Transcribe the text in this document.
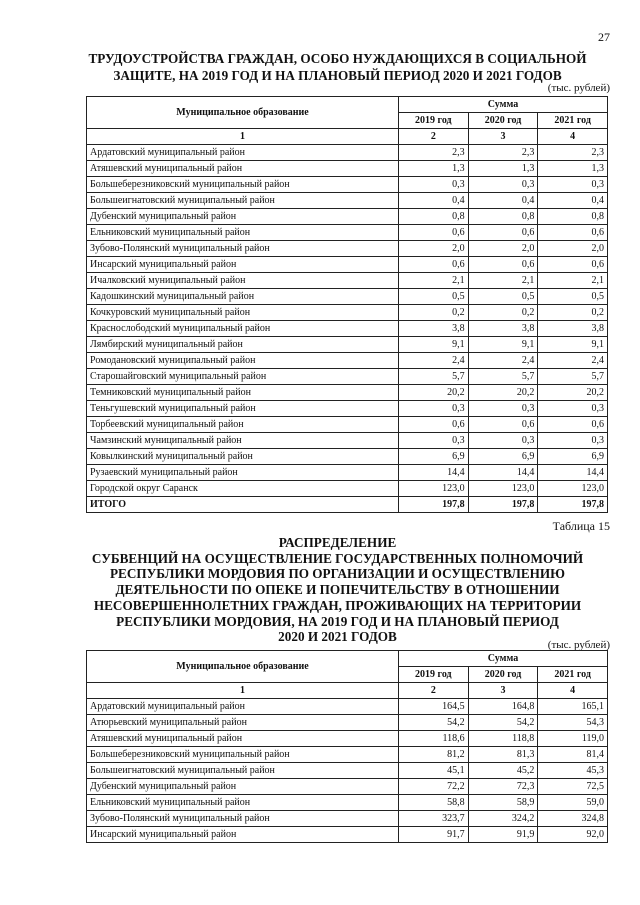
27
ТРУДОУСТРОЙСТВА ГРАЖДАН, ОСОБО НУЖДАЮЩИХСЯ В СОЦИАЛЬНОЙ
ЗАЩИТЕ, НА 2019 ГОД И НА ПЛАНОВЫЙ ПЕРИОД 2020 И 2021 ГОДОВ
(тыс. рублей)
Муниципальное образование	Сумма		
	2019 год	2020 год	2021 год
1	2	3	4
Ардатовский муниципальный район	2,3	2,3	2,3
Атяшевский муниципальный район	1,3	1,3	1,3
Большеберезниковский муниципальный район	0,3	0,3	0,3
Большеигнатовский муниципальный район	0,4	0,4	0,4
Дубенский муниципальный район	0,8	0,8	0,8
Ельниковский муниципальный район	0,6	0,6	0,6
Зубово-Полянский муниципальный район	2,0	2,0	2,0
Инсарский муниципальный район	0,6	0,6	0,6
Ичалковский муниципальный район	2,1	2,1	2,1
Кадошкинский муниципальный район	0,5	0,5	0,5
Кочкуровский муниципальный район	0,2	0,2	0,2
Краснослободский муниципальный район	3,8	3,8	3,8
Лямбирский муниципальный район	9,1	9,1	9,1
Ромодановский муниципальный район	2,4	2,4	2,4
Старошайговский муниципальный район	5,7	5,7	5,7
Темниковский муниципальный район	20,2	20,2	20,2
Теньгушевский муниципальный район	0,3	0,3	0,3
Торбеевский муниципальный район	0,6	0,6	0,6
Чамзинский муниципальный район	0,3	0,3	0,3
Ковылкинский муниципальный район	6,9	6,9	6,9
Рузаевский муниципальный район	14,4	14,4	14,4
Городской округ Саранск	123,0	123,0	123,0
ИТОГО	197,8	197,8	197,8
Таблица 15
РАСПРЕДЕЛЕНИЕ
СУБВЕНЦИЙ НА ОСУЩЕСТВЛЕНИЕ ГОСУДАРСТВЕННЫХ ПОЛНОМОЧИЙ
РЕСПУБЛИКИ МОРДОВИЯ ПО ОРГАНИЗАЦИИ И ОСУЩЕСТВЛЕНИЮ
ДЕЯТЕЛЬНОСТИ ПО ОПЕКЕ И ПОПЕЧИТЕЛЬСТВУ В ОТНОШЕНИИ
НЕСОВЕРШЕННОЛЕТНИХ ГРАЖДАН, ПРОЖИВАЮЩИХ НА ТЕРРИТОРИИ
РЕСПУБЛИКИ МОРДОВИЯ, НА 2019 ГОД И НА ПЛАНОВЫЙ ПЕРИОД
2020 И 2021 ГОДОВ
(тыс. рублей)
Муниципальное образование	Сумма		
	2019 год	2020 год	2021 год
1	2	3	4
Ардатовский муниципальный район	164,5	164,8	165,1
Атюрьевский муниципальный район	54,2	54,2	54,3
Атяшевский муниципальный район	118,6	118,8	119,0
Большеберезниковский муниципальный район	81,2	81,3	81,4
Большеигнатовский муниципальный район	45,1	45,2	45,3
Дубенский муниципальный район	72,2	72,3	72,5
Ельниковский муниципальный район	58,8	58,9	59,0
Зубово-Полянский муниципальный район	323,7	324,2	324,8
Инсарский муниципальный район	91,7	91,9	92,0
